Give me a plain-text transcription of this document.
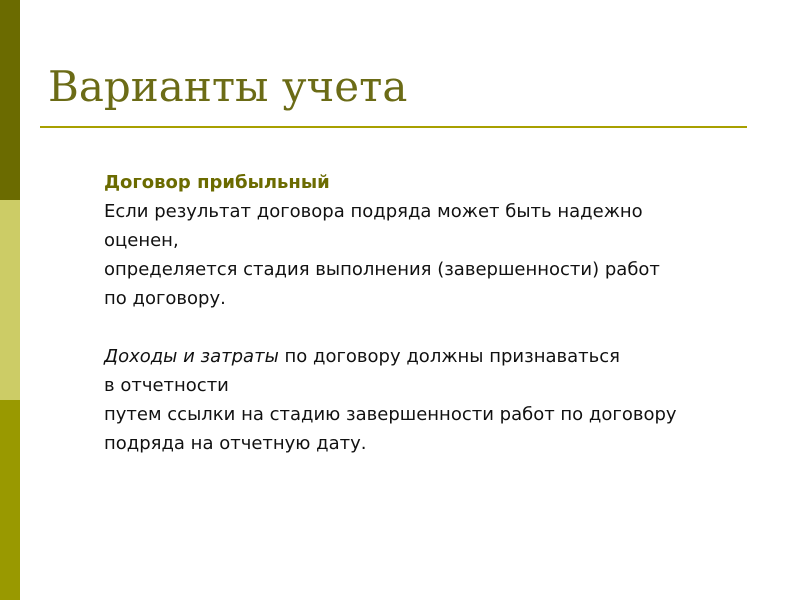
Варианты учета
Договор прибыльный
Если результат договора подряда может быть надежно
оценен,
определяется стадия выполнения (завершенности) работ
по договору.
Доходы и затраты по договору должны признаваться
в отчетности
путем ссылки на стадию завершенности работ по договору
подряда на отчетную дату.
